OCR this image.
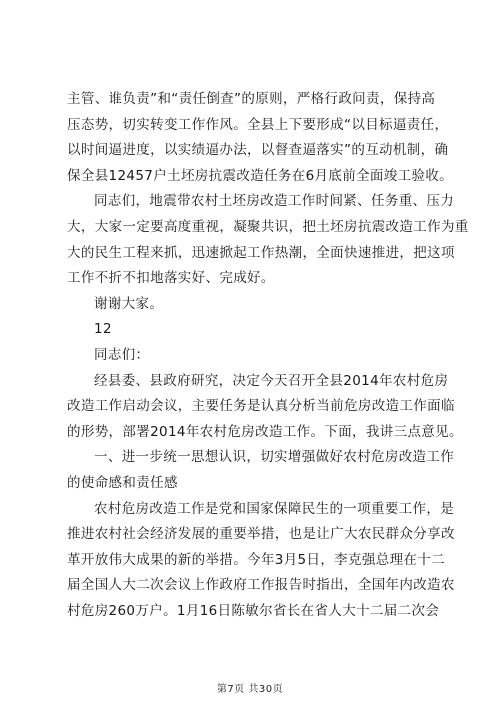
主管、谁负责”和“责任倒查”的原则，严格行政问责，保持高
压态势，切实转变工作作风。全县上下要形成“以目标逼责任，
以时间逼进度，以实绩逼办法，以督查逼落实”的互动机制，确
保全县12457户土坯房抗震改造任务在6月底前全面竣工验收。
同志们，地震带农村土坯房改造工作时间紧、任务重、压力
大，大家一定要高度重视，凝聚共识，把土坯房抗震改造工作为重
大的民生工程来抓，迅速掀起工作热潮，全面快速推进，把这项
工作不折不扣地落实好、完成好。
谢谢大家。
12
同志们：
经县委、县政府研究，决定今天召开全县2014年农村危房
改造工作启动会议，主要任务是认真分析当前危房改造工作面临
的形势，部署2014年农村危房改造工作。下面，我讲三点意见。
一、进一步统一思想认识，切实增强做好农村危房改造工作
的使命感和责任感
农村危房改造工作是党和国家保障民生的一项重要工作，是
推进农村社会经济发展的重要举措，也是让广大农民群众分享改
革开放伟大成果的新的举措。今年3月5日，李克强总理在十二
届全国人大二次会议上作政府工作报告时指出，全国年内改造农
村危房260万户。1月16日陈敏尔省长在省人大十二届二次会
第7页 共30页
